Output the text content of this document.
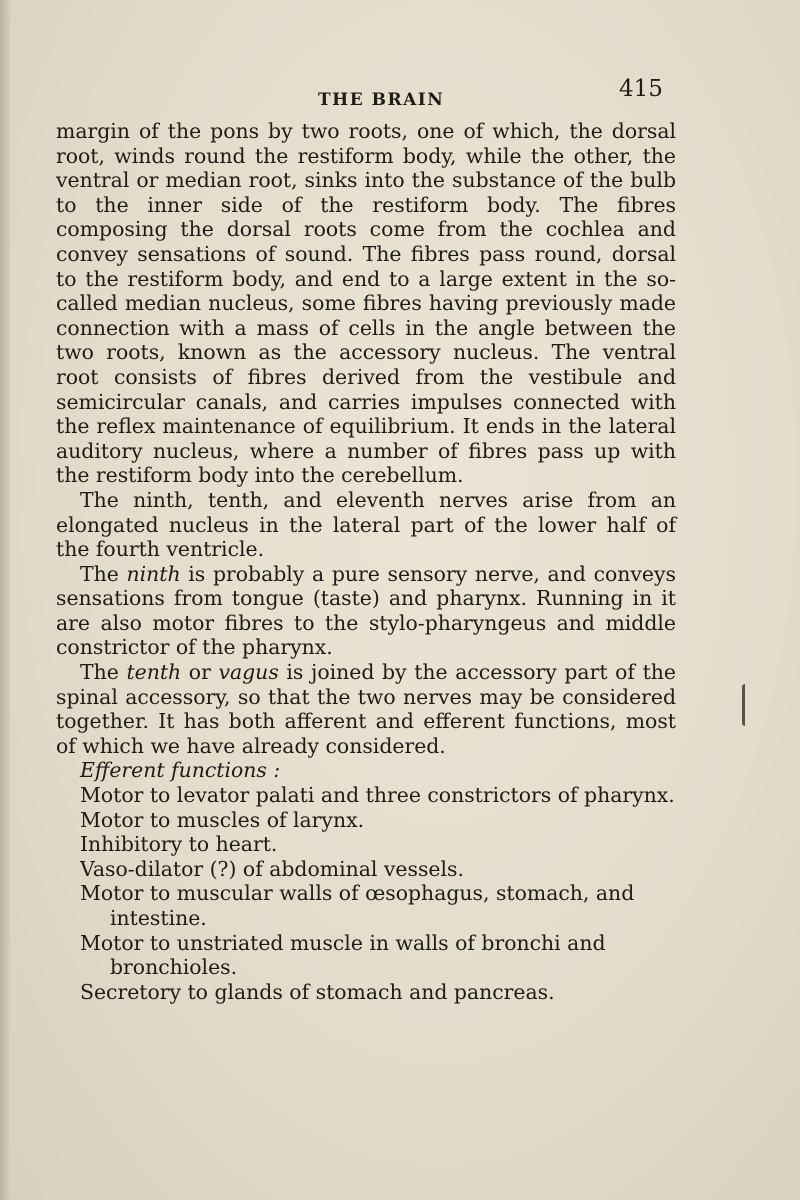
THE BRAIN	415

margin of the pons by two roots, one of which, the dorsal root, winds round the restiform body, while the other, the ventral or median root, sinks into the substance of the bulb to the inner side of the restiform body. The fibres composing the dorsal roots come from the cochlea and convey sensations of sound. The fibres pass round, dorsal to the restiform body, and end to a large extent in the so-called median nucleus, some fibres having previously made connection with a mass of cells in the angle between the two roots, known as the accessory nucleus. The ventral root consists of fibres derived from the vestibule and semicircular canals, and carries impulses connected with the reflex maintenance of equilibrium. It ends in the lateral auditory nucleus, where a number of fibres pass up with the restiform body into the cerebellum.

The ninth, tenth, and eleventh nerves arise from an elongated nucleus in the lateral part of the lower half of the fourth ventricle.

The ninth is probably a pure sensory nerve, and conveys sensations from tongue (taste) and pharynx. Running in it are also motor fibres to the stylo-pharyngeus and middle constrictor of the pharynx.

The tenth or vagus is joined by the accessory part of the spinal accessory, so that the two nerves may be considered together. It has both afferent and efferent functions, most of which we have already considered.

Efferent functions :

Motor to levator palati and three constrictors of pharynx.
Motor to muscles of larynx.
Inhibitory to heart.
Vaso-dilator (?) of abdominal vessels.
Motor to muscular walls of œsophagus, stomach, and intestine.
Motor to unstriated muscle in walls of bronchi and bronchioles.
Secretory to glands of stomach and pancreas.
